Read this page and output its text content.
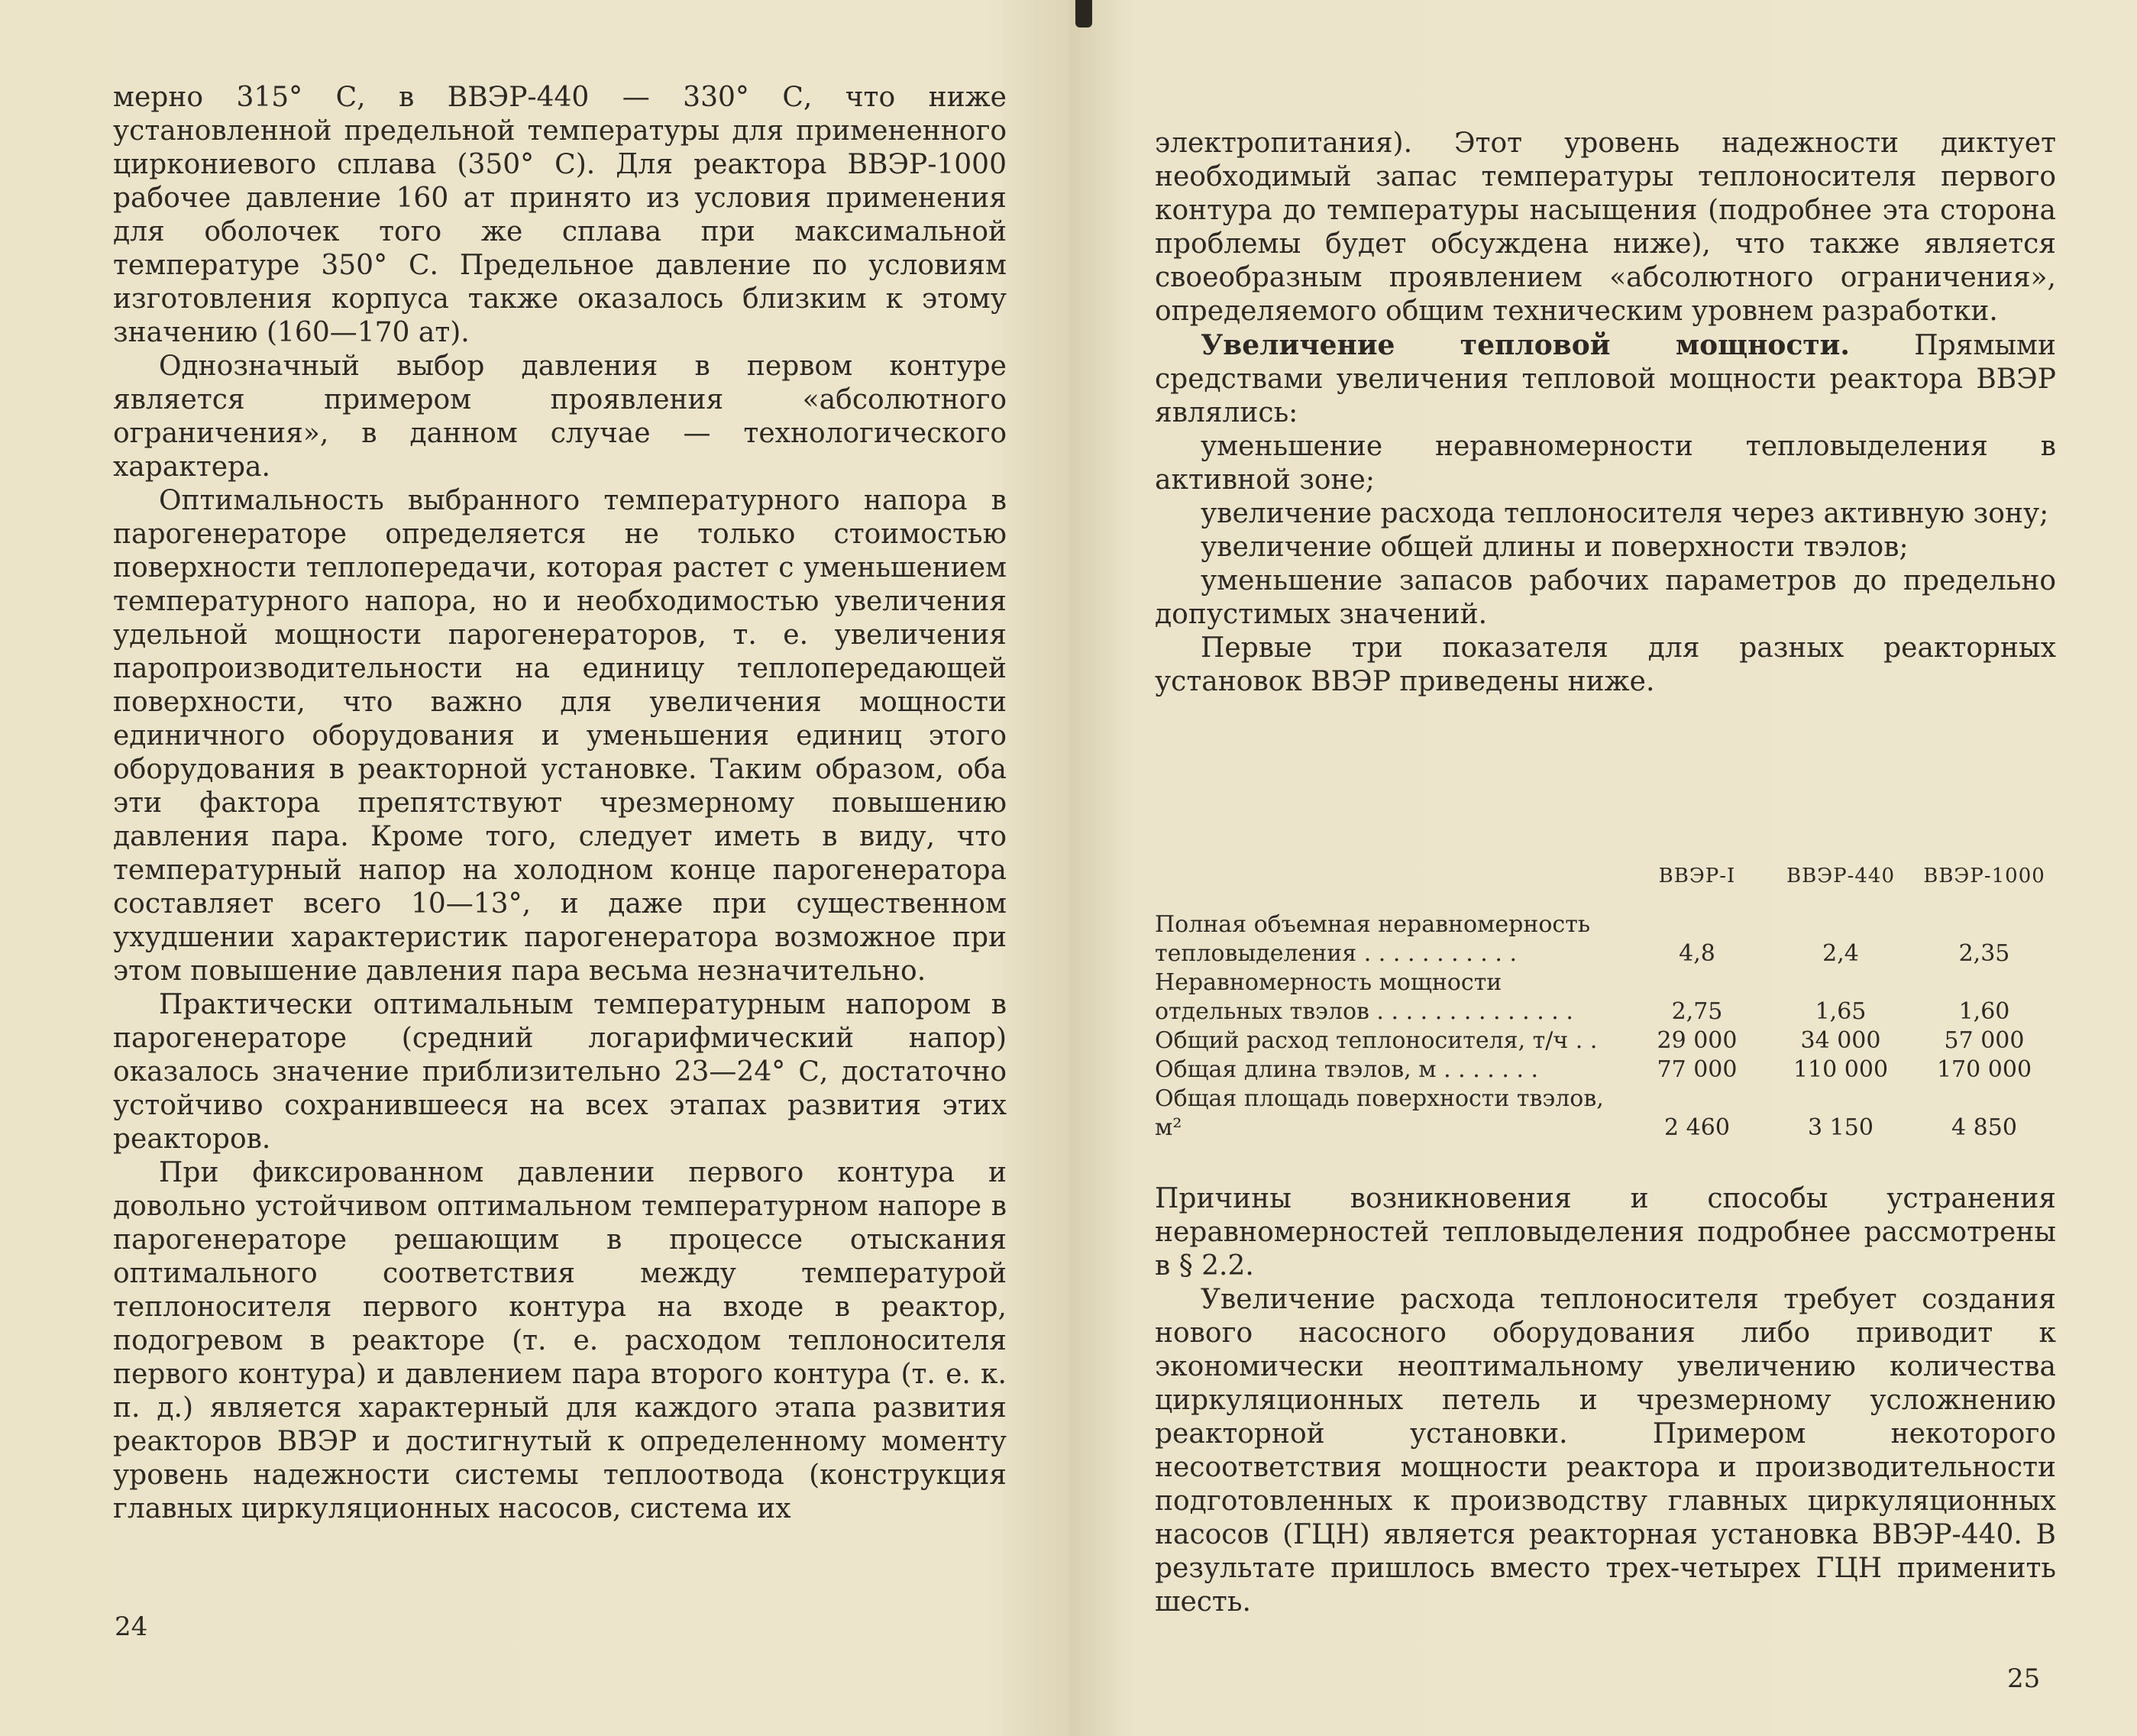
мерно 315° С, в ВВЭР-440 — 330° С, что ниже установленной предельной температуры для примененного циркониевого сплава (350° С). Для реактора ВВЭР-1000 рабочее давление 160 ат принято из условия применения для оболочек того же сплава при максимальной температуре 350° С. Предельное давление по условиям изготовления корпуса также оказалось близким к этому значению (160—170 ат).

Однозначный выбор давления в первом контуре является примером проявления «абсолютного ограничения», в данном случае — технологического характера.

Оптимальность выбранного температурного напора в парогенераторе определяется не только стоимостью поверхности теплопередачи, которая растет с уменьшением температурного напора, но и необходимостью увеличения удельной мощности парогенераторов, т. е. увеличения паропроизводительности на единицу теплопередающей поверхности, что важно для увеличения мощности единичного оборудования и уменьшения единиц этого оборудования в реакторной установке. Таким образом, оба эти фактора препятствуют чрезмерному повышению давления пара. Кроме того, следует иметь в виду, что температурный напор на холодном конце парогенератора составляет всего 10—13°, и даже при существенном ухудшении характеристик парогенератора возможное при этом повышение давления пара весьма незначительно.

Практически оптимальным температурным напором в парогенераторе (средний логарифмический напор) оказалось значение приблизительно 23—24° С, достаточно устойчиво сохранившееся на всех этапах развития этих реакторов.

При фиксированном давлении первого контура и довольно устойчивом оптимальном температурном напоре в парогенераторе решающим в процессе отыскания оптимального соответствия между температурой теплоносителя первого контура на входе в реактор, подогревом в реакторе (т. е. расходом теплоносителя первого контура) и давлением пара второго контура (т. е. к. п. д.) является характерный для каждого этапа развития реакторов ВВЭР и достигнутый к определенному моменту уровень надежности системы теплоотвода (конструкция главных циркуляционных насосов, система их

24

электропитания). Этот уровень надежности диктует необходимый запас температуры теплоносителя первого контура до температуры насыщения (подробнее эта сторона проблемы будет обсуждена ниже), что также является своеобразным проявлением «абсолютного ограничения», определяемого общим техническим уровнем разработки.

Увеличение тепловой мощности. Прямыми средствами увеличения тепловой мощности реактора ВВЭР являлись:

уменьшение неравномерности тепловыделения в активной зоне;

увеличение расхода теплоносителя через активную зону;

увеличение общей длины и поверхности твэлов;

уменьшение запасов рабочих параметров до предельно допустимых значений.

Первые три показателя для разных реакторных установок ВВЭР приведены ниже.

ВВЭР-I	ВВЭР-440	ВВЭР-1000
Полная объемная неравномерность тепловыделения . . . . . . . . . . .	4,8	2,4	2,35
Неравномерность мощности отдельных твэлов . . . . . . . . . . . . . .	2,75	1,65	1,60
Общий расход теплоносителя, т/ч . .	29 000	34 000	57 000
Общая длина твэлов, м . . . . . . .	77 000	110 000	170 000
Общая площадь поверхности твэлов, м²	2 460	3 150	4 850

Причины возникновения и способы устранения неравномерностей тепловыделения подробнее рассмотрены в § 2.2.

Увеличение расхода теплоносителя требует создания нового насосного оборудования либо приводит к экономически неоптимальному увеличению количества циркуляционных петель и чрезмерному усложнению реакторной установки. Примером некоторого несоответствия мощности реактора и производительности подготовленных к производству главных циркуляционных насосов (ГЦН) является реакторная установка ВВЭР-440. В результате пришлось вместо трех-четырех ГЦН применить шесть.

25
